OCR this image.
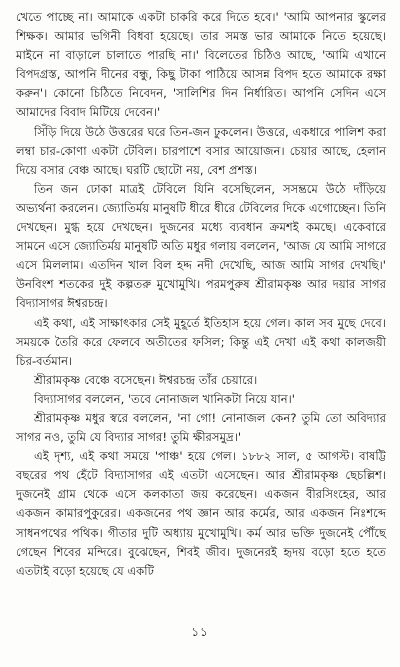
খেতে পাচ্ছে না। আমাকে একটা চাকরি করে দিতে হবে।' 'আমি আপনার স্কুলের শিক্ষক। আমার ভগিনী বিধবা হয়েছে। তার সমস্ত ভার আমাকে নিতে হয়েছে। মাইনে না বাড়ালে চালাতে পারছি না।' বিলেতের চিঠিও আছে, 'আমি এখানে বিপদগ্রস্ত, আপনি দীনের বন্ধু, কিছু টাকা পাঠিয়ে আসন্ন বিপদ হতে আমাকে রক্ষা করুন'। কোনো চিঠিতে নিবেদন, 'সালিশির দিন নির্ধারিত। আপনি সেদিন এসে আমাদের বিবাদ মিটিয়ে দেবেন।'

সিঁড়ি দিয়ে উঠে উত্তরের ঘরে তিন-জন ঢুকলেন। উত্তরে, একধারে পালিশ করা লম্বা চার-কোণা একটা টেবিল। চারপাশে বসার আয়োজন। চেয়ার আছে, হেলান দিয়ে বসার বেঞ্চ আছে। ঘরটি ছোটো নয়, বেশ প্রশস্ত।

তিন জন ঢোকা মাত্রই টেবিলে যিনি বসেছিলেন, সসম্ভ্রমে উঠে দাঁড়িয়ে অভ্যর্থনা করলেন। জ্যোতির্ময় মানুষটি ধীরে ধীরে টেবিলের দিকে এগোচ্ছেন। তিনি দেখছেন। মুগ্ধ হয়ে দেখছেন। দুজনের মধ্যে ব্যবধান ক্রমশই কমছে। একেবারে সামনে এসে জ্যোতির্ময় মানুষটি অতি মধুর গলায় বললেন, 'আজ যে আমি সাগরে এসে মিললাম। এতদিন খাল বিল হদ্দ নদী দেখেছি, আজ আমি সাগর দেখছি।' উনবিংশ শতকের দুই কল্পতরু মুখোমুখি। পরমপুরুষ শ্রীরামকৃষ্ণ আর দয়ার সাগর বিদ্যাসাগর ঈশ্বরচন্দ্র।

এই কথা, এই সাক্ষাৎকার সেই মুহূর্তে ইতিহাস হয়ে গেল। কাল সব মুছে দেবে। সময়কে তৈরি করে ফেলবে অতীতের ফসিল; কিন্তু এই দেখা এই কথা কালজয়ী চির-বর্তমান।

শ্রীরামকৃষ্ণ বেঞ্চে বসেছেন। ঈশ্বরচন্দ্র তাঁর চেয়ারে।

বিদ্যাসাগর বললেন, 'তবে নোনাজল খানিকটা নিয়ে যান।'

শ্রীরামকৃষ্ণ মধুর স্বরে বললেন, 'না গো! নোনাজল কেন? তুমি তো অবিদ্যার সাগর নও, তুমি যে বিদ্যার সাগর! তুমি ক্ষীরসমুদ্র।'

এই দৃশ্য, এই কথা সময়ে 'পাঞ্চ' হয়ে গেল। ১৮৮২ সাল, ৫ আগস্ট। বাষট্টি বছরের পথ হেঁটে বিদ্যাসাগর এই এতটা এসেছেন। আর শ্রীরামকৃষ্ণ ছেচল্লিশ। দুজনেই গ্রাম থেকে এসে কলকাতা জয় করেছেন। একজন বীরসিংহের, আর একজন কামারপুকুরের। একজনের পথ জ্ঞান আর কর্মের, আর একজন নিঃশব্দে সাধনপথের পথিক। গীতার দুটি অধ্যায় মুখোমুখি। কর্ম আর ভক্তি দুজনেই পৌঁছে গেছেন শিবের মন্দিরে। বুঝেছেন, শিবই জীব। দুজনেরই হৃদয় বড়ো হতে হতে এতটাই বড়ো হয়েছে যে একটি

১১
